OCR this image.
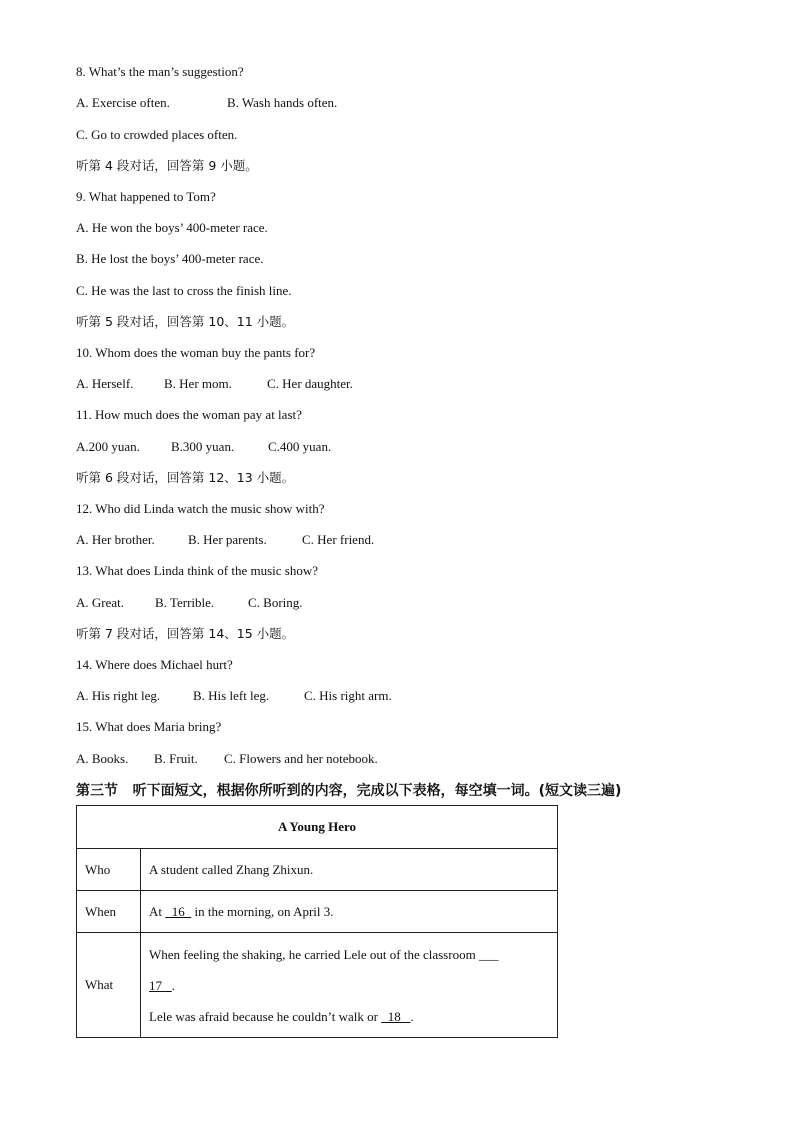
8. What’s the man’s suggestion?
A. Exercise often.	B. Wash hands often.
C. Go to crowded places often.
听第 4 段对话，回答第 9 小题。
9. What happened to Tom?
A. He won the boys’ 400-meter race.
B. He lost the boys’ 400-meter race.
C. He was the last to cross the finish line.
听第 5 段对话，回答第 10、11 小题。
10. Whom does the woman buy the pants for?
A. Herself. B. Her mom.	C. Her daughter.
11. How much does the woman pay at last?
A.200 yuan. B.300 yuan.	C.400 yuan.
听第 6 段对话，回答第 12、13 小题。
12. Who did Linda watch the music show with?
A. Her brother.	B. Her parents.	C. Her friend.
13. What does Linda think of the music show?
A. Great. B. Terrible.	C. Boring.
听第 7 段对话，回答第 14、15 小题。
14. Where does Michael hurt?
A. His right leg.	B. His left leg.	C. His right arm.
15. What does Maria bring?
A. Books. B. Fruit. C. Flowers and her notebook.
第三节   听下面短文，根据你所听到的内容，完成以下表格，每空填一词。(短文读三遍)
A Young Hero	
Who	A student called Zhang Zhixun.
When	At   16   in the morning, on April 3.
What	When feeling the shaking, he carried Lele out of the classroom ___
17   .
Lele was afraid because he couldn’t walk or   18   .
